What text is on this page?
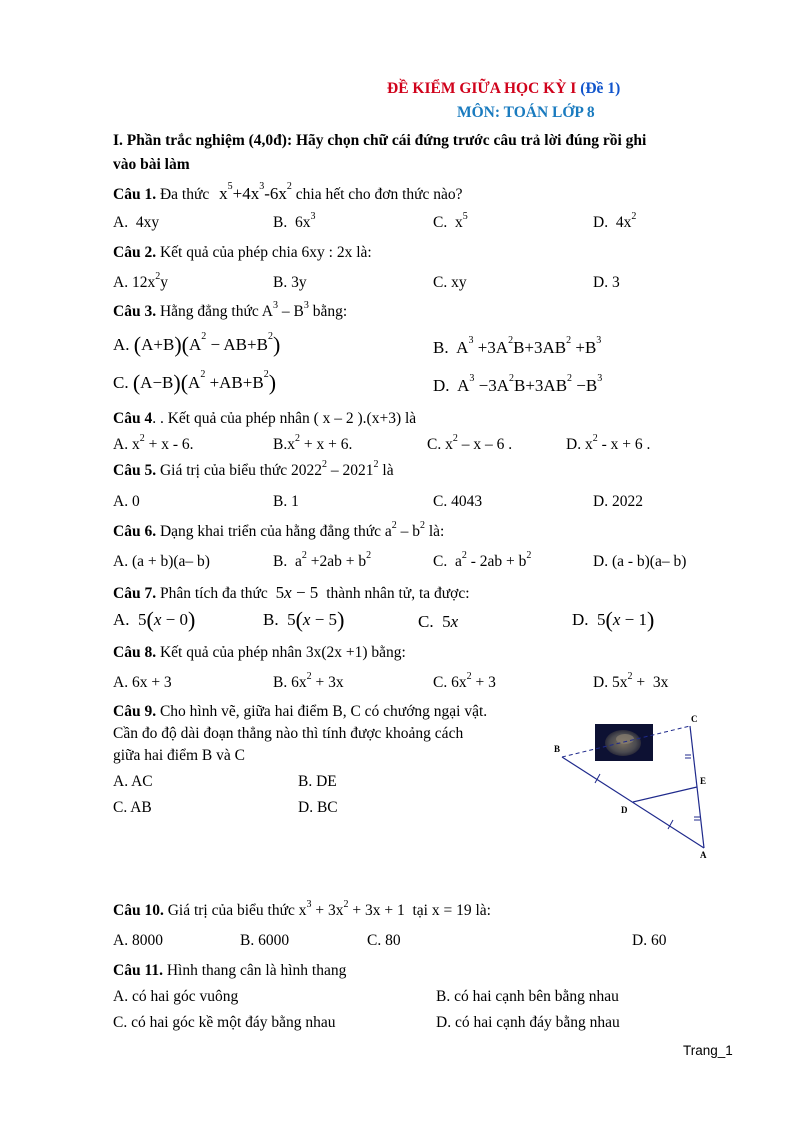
ĐỀ KIỂM GIỮA HỌC KỲ I (Đề 1)
MÔN: TOÁN LỚP 8
I. Phần trắc nghiệm (4,0đ): Hãy chọn chữ cái đứng trước câu trả lời đúng rồi ghi
vào bài làm
Câu 1. Đa thức $x^5+4x^3-6x^2$ chia hết cho đơn thức nào?
A.  4xy	B.  $6x^3$	C.  $x^5$	D.  $4x^2$
Câu 2. Kết quả của phép chia 6xy : 2x là:
A. $12x^2y$	B. 3y	C. xy	D. 3
Câu 3. Hằng đẳng thức $A^3 - B^3$ bằng:
A. $(A+B)(A^2 - AB+B^2)$	B.  $A^3 +3A^2B+3AB^2 +B^3$
C. $(A-B)(A^2 +AB+B^2)$	D.  $A^3 -3A^2B+3AB^2 -B^3$
Câu 4. . Kết quả của phép nhân ( x – 2 ).(x+3) là
A. $x^2 + x - 6$.	$B.x^2 + x + 6$.	C. $x^2$ – x – 6 .	D. $x^2 - x + 6$ .
Câu 5. Giá trị của biểu thức 2022$^2$ – 2021$^2$ là
A. 0	B. 1	C. 4043	D. 2022
Câu 6. Dạng khai triển của hằng đẳng thức $a^2 - b^2$ là:
A. (a + b)(a– b)	B.  $a^2 +2ab + b^2$	C.  $a^2 - 2ab + b^2$	D. (a - b)(a– b)
Câu 7. Phân tích đa thức 5x − 5 thành nhân tử, ta được:
A.  5(x − 0)	B.  5(x − 5)	C.  5x	D.  5(x − 1)
Câu 8. Kết quả của phép nhân 3x(2x +1) bằng:
A. 6x + 3	B. $6x^2 + 3x$	C. $6x^2 + 3$	D. $5x^2 + 3x$
Câu 9. Cho hình vẽ, giữa hai điểm B, C có chướng ngại vật.
Cần đo độ dài đoạn thẳng nào thì tính được khoảng cách
giữa hai điểm B và C
A. AC	B. DE
C. AB	D. BC
C
B
E
D
A
Câu 10. Giá trị của biểu thức $x^3 + 3x^2 + 3x + 1$  tại x = 19 là:
A. 8000	B. 6000	C. 80	D. 60
Câu 11. Hình thang cân là hình thang
A. có hai góc vuông	B. có hai cạnh bên bằng nhau
C. có hai góc kề một đáy bằng nhau	D. có hai cạnh đáy bằng nhau
Trang_1
